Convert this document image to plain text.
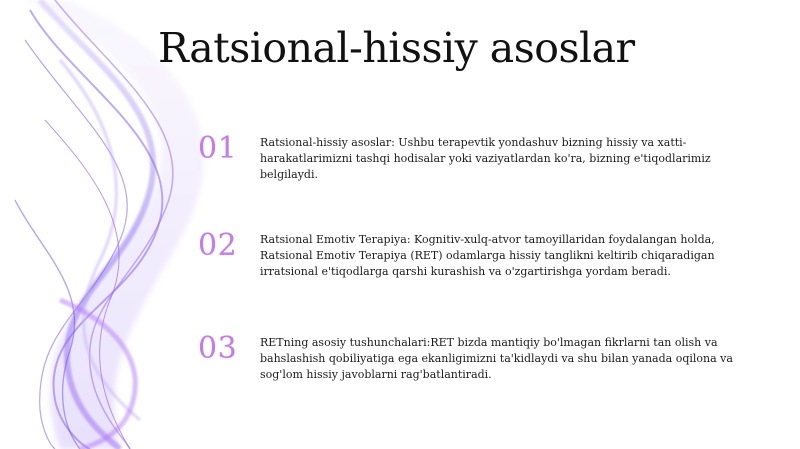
Ratsional-hissiy asoslar
01 Ratsional-hissiy asoslar: Ushbu terapevtik yondashuv bizning hissiy va xatti-harakatlarimizni tashqi hodisalar yoki vaziyatlardan ko'ra, bizning e'tiqodlarimiz belgilaydi.

02 Ratsional Emotiv Terapiya: Kognitiv-xulq-atvor tamoyillaridan foydalangan holda, Ratsional Emotiv Terapiya (RET) odamlarga hissiy tanglikni keltirib chiqaradigan irratsional e'tiqodlarga qarshi kurashish va o'zgartirishga yordam beradi.

03 RETning asosiy tushunchalari:RET bizda mantiqiy bo'lmagan fikrlarni tan olish va bahslashish qobiliyatiga ega ekanligimizni ta'kidlaydi va shu bilan yanada oqilona va sog'lom hissiy javoblarni rag'batlantiradi.
